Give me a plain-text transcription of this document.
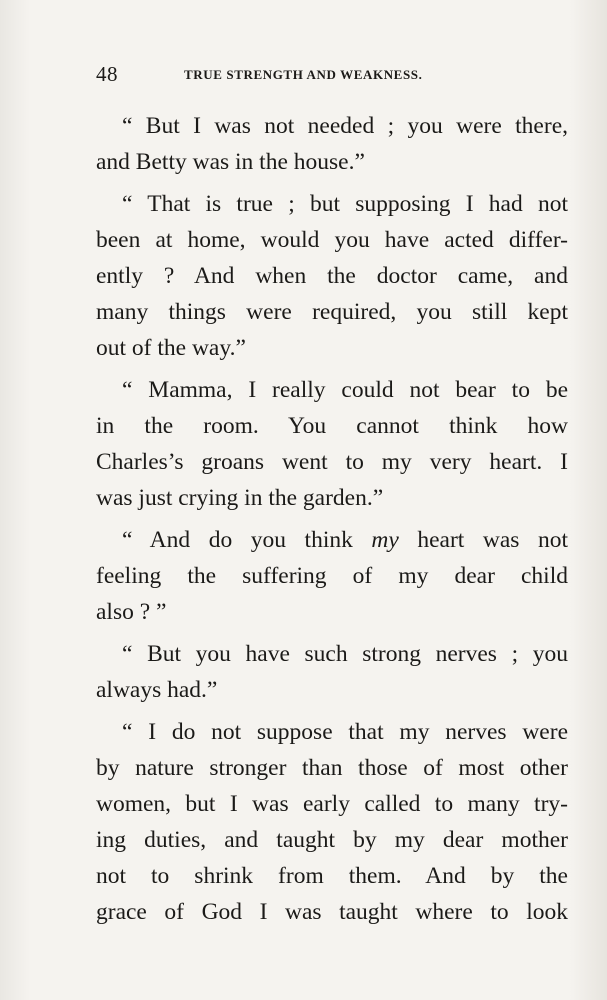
48	TRUE STRENGTH AND WEAKNESS.
“ But I was not needed ; you were there,
and Betty was in the house.”
“ That is true ; but supposing I had not
been at home, would you have acted differ-
ently ? And when the doctor came, and
many things were required, you still kept
out of the way.”
“ Mamma, I really could not bear to be
in the room. You cannot think how
Charles’s groans went to my very heart. I
was just crying in the garden.”
“ And do you think my heart was not
feeling the suffering of my dear child
also ? ”
“ But you have such strong nerves ; you
always had.”
“ I do not suppose that my nerves were
by nature stronger than those of most other
women, but I was early called to many try-
ing duties, and taught by my dear mother
not to shrink from them. And by the
grace of God I was taught where to look
